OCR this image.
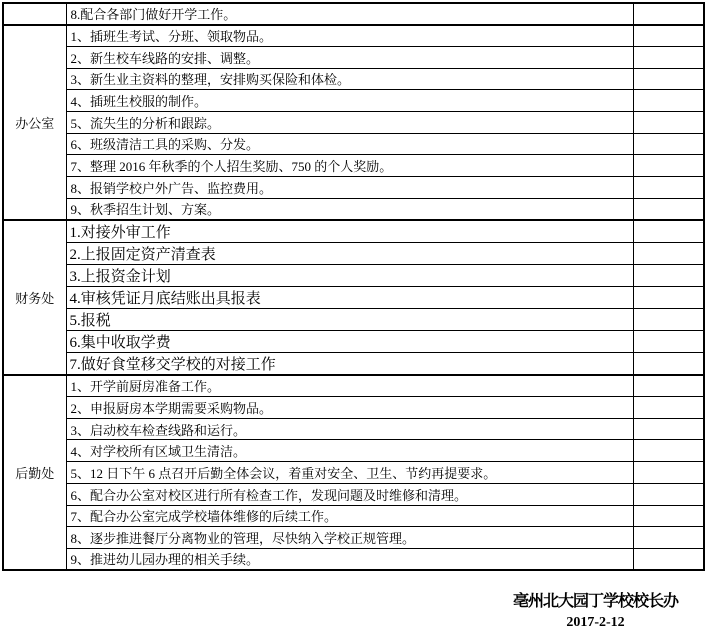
	8.配合各部门做好开学工作。	
办公室	1、插班生考试、分班、领取物品。	
	2、新生校车线路的安排、调整。	
	3、新生业主资料的整理，安排购买保险和体检。	
	4、插班生校服的制作。	
	5、流失生的分析和跟踪。	
	6、班级清洁工具的采购、分发。	
	7、整理 2016 年秋季的个人招生奖励、750 的个人奖励。	
	8、报销学校户外广告、监控费用。	
	9、秋季招生计划、方案。	
财务处	1.对接外审工作	
	2.上报固定资产清查表	
	3.上报资金计划	
	4.审核凭证月底结账出具报表	
	5.报税	
	6.集中收取学费	
	7.做好食堂移交学校的对接工作	
后勤处	1、开学前厨房准备工作。	
	2、申报厨房本学期需要采购物品。	
	3、启动校车检查线路和运行。	
	4、对学校所有区域卫生清洁。	
	5、12 日下午 6 点召开后勤全体会议，着重对安全、卫生、节约再提要求。	
	6、配合办公室对校区进行所有检查工作，发现问题及时维修和清理。	
	7、配合办公室完成学校墙体维修的后续工作。	
	8、逐步推进餐厅分离物业的管理，尽快纳入学校正规管理。	
	9、推进幼儿园办理的相关手续。	
亳州北大园丁学校校长办
2017-2-12
